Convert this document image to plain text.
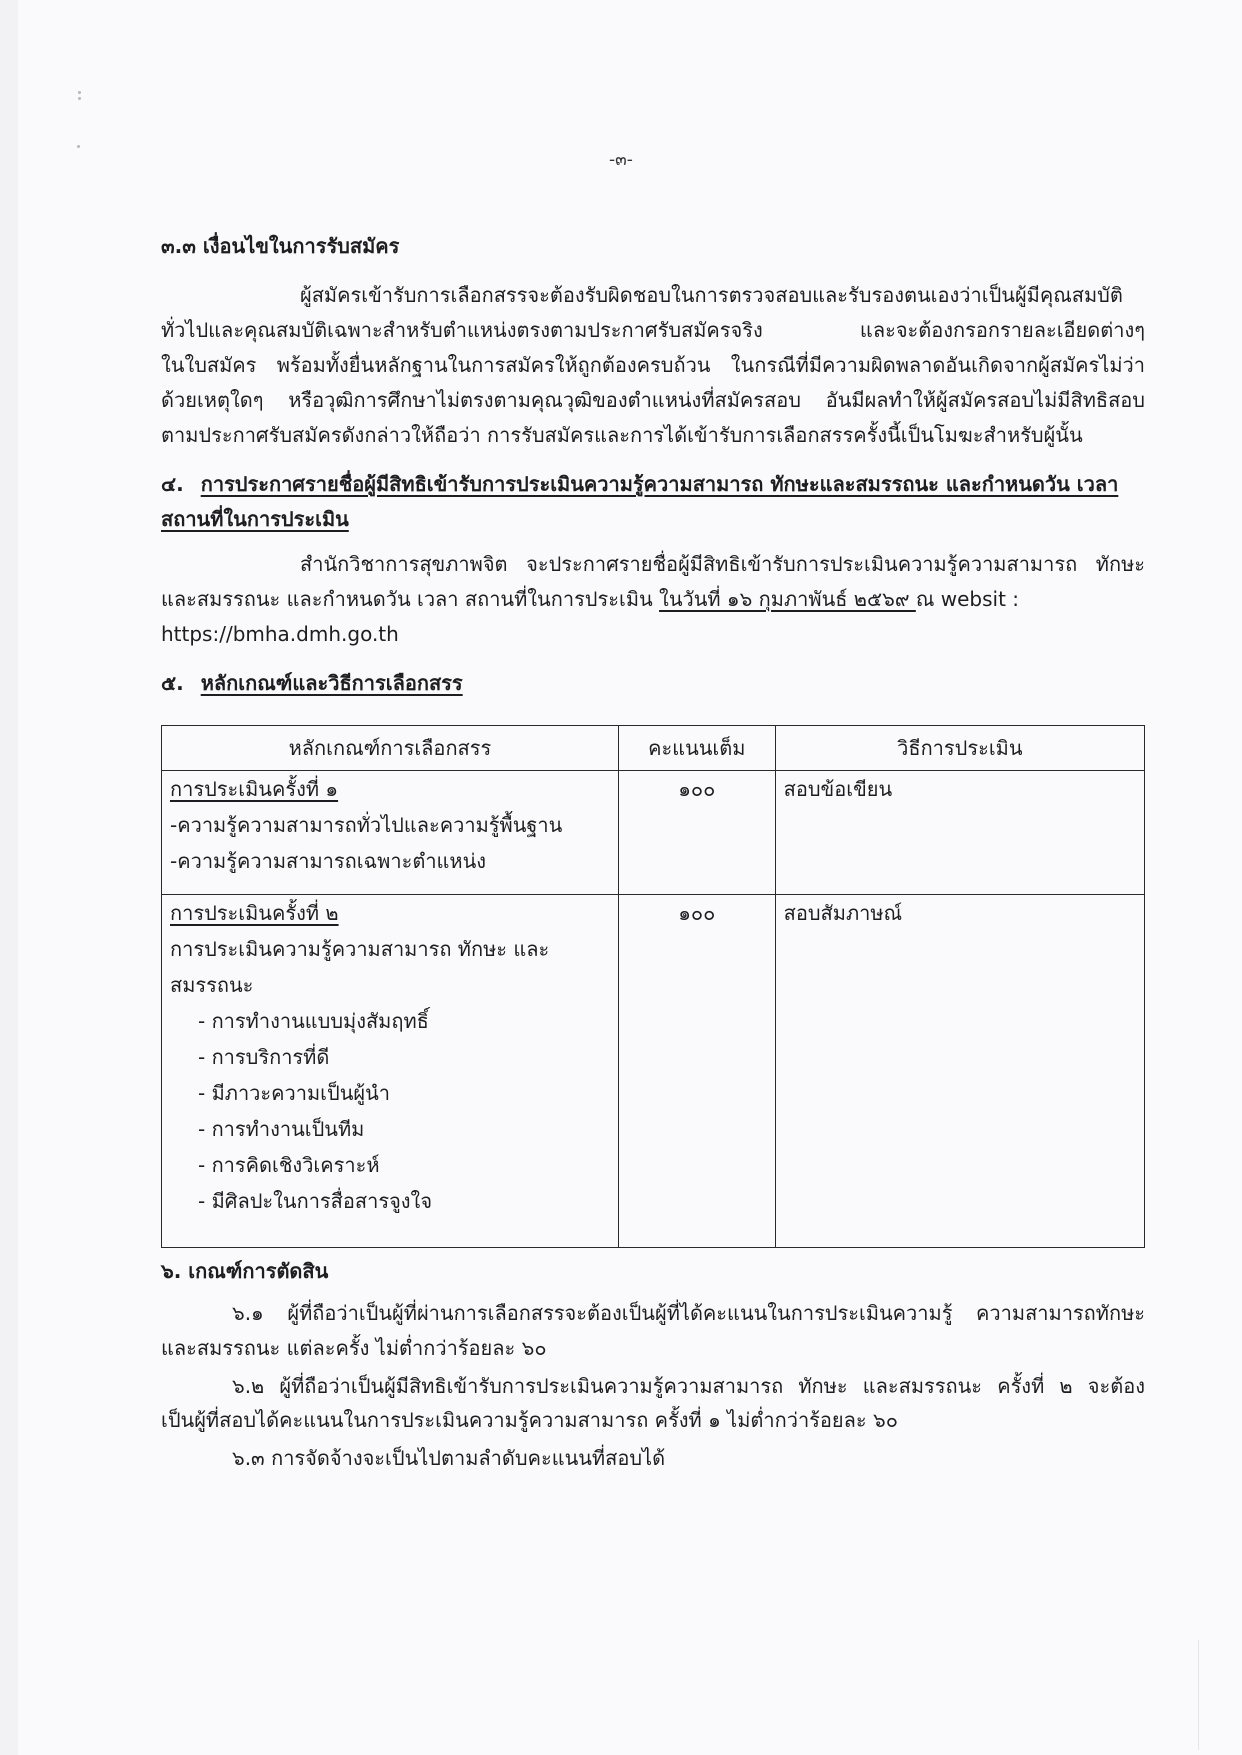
-๓-
๓.๓ เงื่อนไขในการรับสมัคร
ผู้สมัครเข้ารับการเลือกสรรจะต้องรับผิดชอบในการตรวจสอบและรับรองตนเองว่าเป็นผู้มีคุณสมบัติ
ทั่วไปและคุณสมบัติเฉพาะสำหรับตำแหน่งตรงตามประกาศรับสมัครจริง และจะต้องกรอกรายละเอียดต่างๆ
ในใบสมัคร พร้อมทั้งยื่นหลักฐานในการสมัครให้ถูกต้องครบถ้วน ในกรณีที่มีความผิดพลาดอันเกิดจากผู้สมัครไม่ว่า
ด้วยเหตุใดๆ หรือวุฒิการศึกษาไม่ตรงตามคุณวุฒิของตำแหน่งที่สมัครสอบ อันมีผลทำให้ผู้สมัครสอบไม่มีสิทธิสอบ
ตามประกาศรับสมัครดังกล่าวให้ถือว่า การรับสมัครและการได้เข้ารับการเลือกสรรครั้งนี้เป็นโมฆะสำหรับผู้นั้น
๔. การประกาศรายชื่อผู้มีสิทธิเข้ารับการประเมินความรู้ความสามารถ ทักษะและสมรรถนะ และกำหนดวัน เวลา
สถานที่ในการประเมิน
สำนักวิชาการสุขภาพจิต จะประกาศรายชื่อผู้มีสิทธิเข้ารับการประเมินความรู้ความสามารถ ทักษะ
และสมรรถนะ และกำหนดวัน เวลา สถานที่ในการประเมิน ในวันที่ ๑๖ กุมภาพันธ์ ๒๕๖๙ ณ websit :
https://bmha.dmh.go.th
๕. หลักเกณฑ์และวิธีการเลือกสรร
หลักเกณฑ์การเลือกสรร	คะแนนเต็ม	วิธีการประเมิน

การประเมินครั้งที่ ๑
-ความรู้ความสามารถทั่วไปและความรู้พื้นฐาน
-ความรู้ความสามารถเฉพาะตำแหน่ง	๑๐๐	สอบข้อเขียน

การประเมินครั้งที่ ๒
การประเมินความรู้ความสามารถ ทักษะ และ
สมรรถนะ
- การทำงานแบบมุ่งสัมฤทธิ์
- การบริการที่ดี
- มีภาวะความเป็นผู้นำ
- การทำงานเป็นทีม
- การคิดเชิงวิเคราะห์
- มีศิลปะในการสื่อสารจูงใจ

๑๐๐	สอบสัมภาษณ์
๖. เกณฑ์การตัดสิน
๖.๑ ผู้ที่ถือว่าเป็นผู้ที่ผ่านการเลือกสรรจะต้องเป็นผู้ที่ได้คะแนนในการประเมินความรู้ ความสามารถทักษะ
และสมรรถนะ แต่ละครั้ง ไม่ต่ำกว่าร้อยละ ๖๐
๖.๒ ผู้ที่ถือว่าเป็นผู้มีสิทธิเข้ารับการประเมินความรู้ความสามารถ ทักษะ และสมรรถนะ ครั้งที่ ๒ จะต้อง
เป็นผู้ที่สอบได้คะแนนในการประเมินความรู้ความสามารถ ครั้งที่ ๑ ไม่ต่ำกว่าร้อยละ ๖๐
๖.๓ การจัดจ้างจะเป็นไปตามลำดับคะแนนที่สอบได้
